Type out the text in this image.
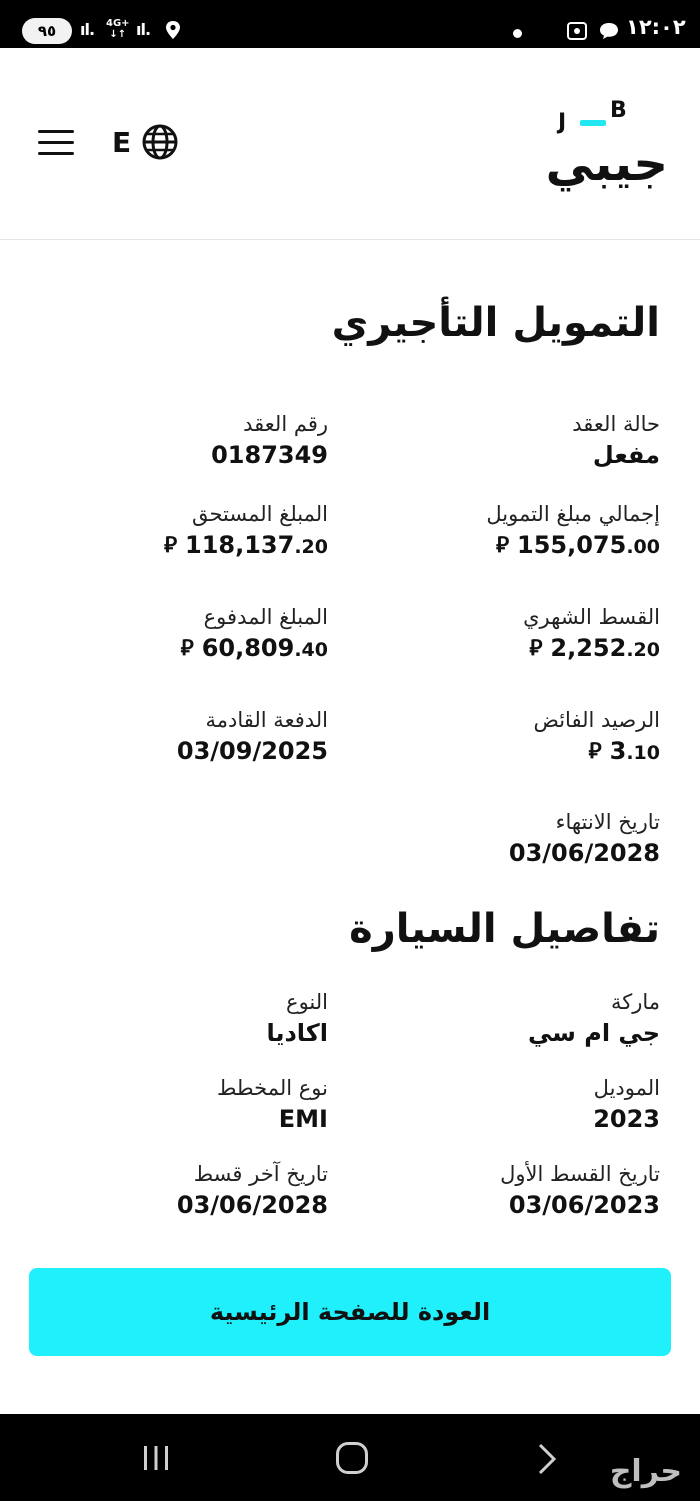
٩٥	ıl. 4G+
↓↑ ıl.	١٢:٠٢
E
J B
جيبي
التمويل التأجيري
حالة العقد
مفعل
رقم العقد
0187349
إجمالي مبلغ التمويل
⃁ 155,075.00
المبلغ المستحق
⃁ 118,137.20
القسط الشهري
⃁ 2,252.20
المبلغ المدفوع
⃁ 60,809.40
الرصيد الفائض
⃁ 3.10
الدفعة القادمة
03/09/2025
تاريخ الانتهاء
03/06/2028
تفاصيل السيارة
ماركة
جي ام سي
النوع
اكاديا
الموديل
2023
نوع المخطط
EMI
تاريخ القسط الأول
03/06/2023
تاريخ آخر قسط
03/06/2028
العودة للصفحة الرئيسية
حراج
